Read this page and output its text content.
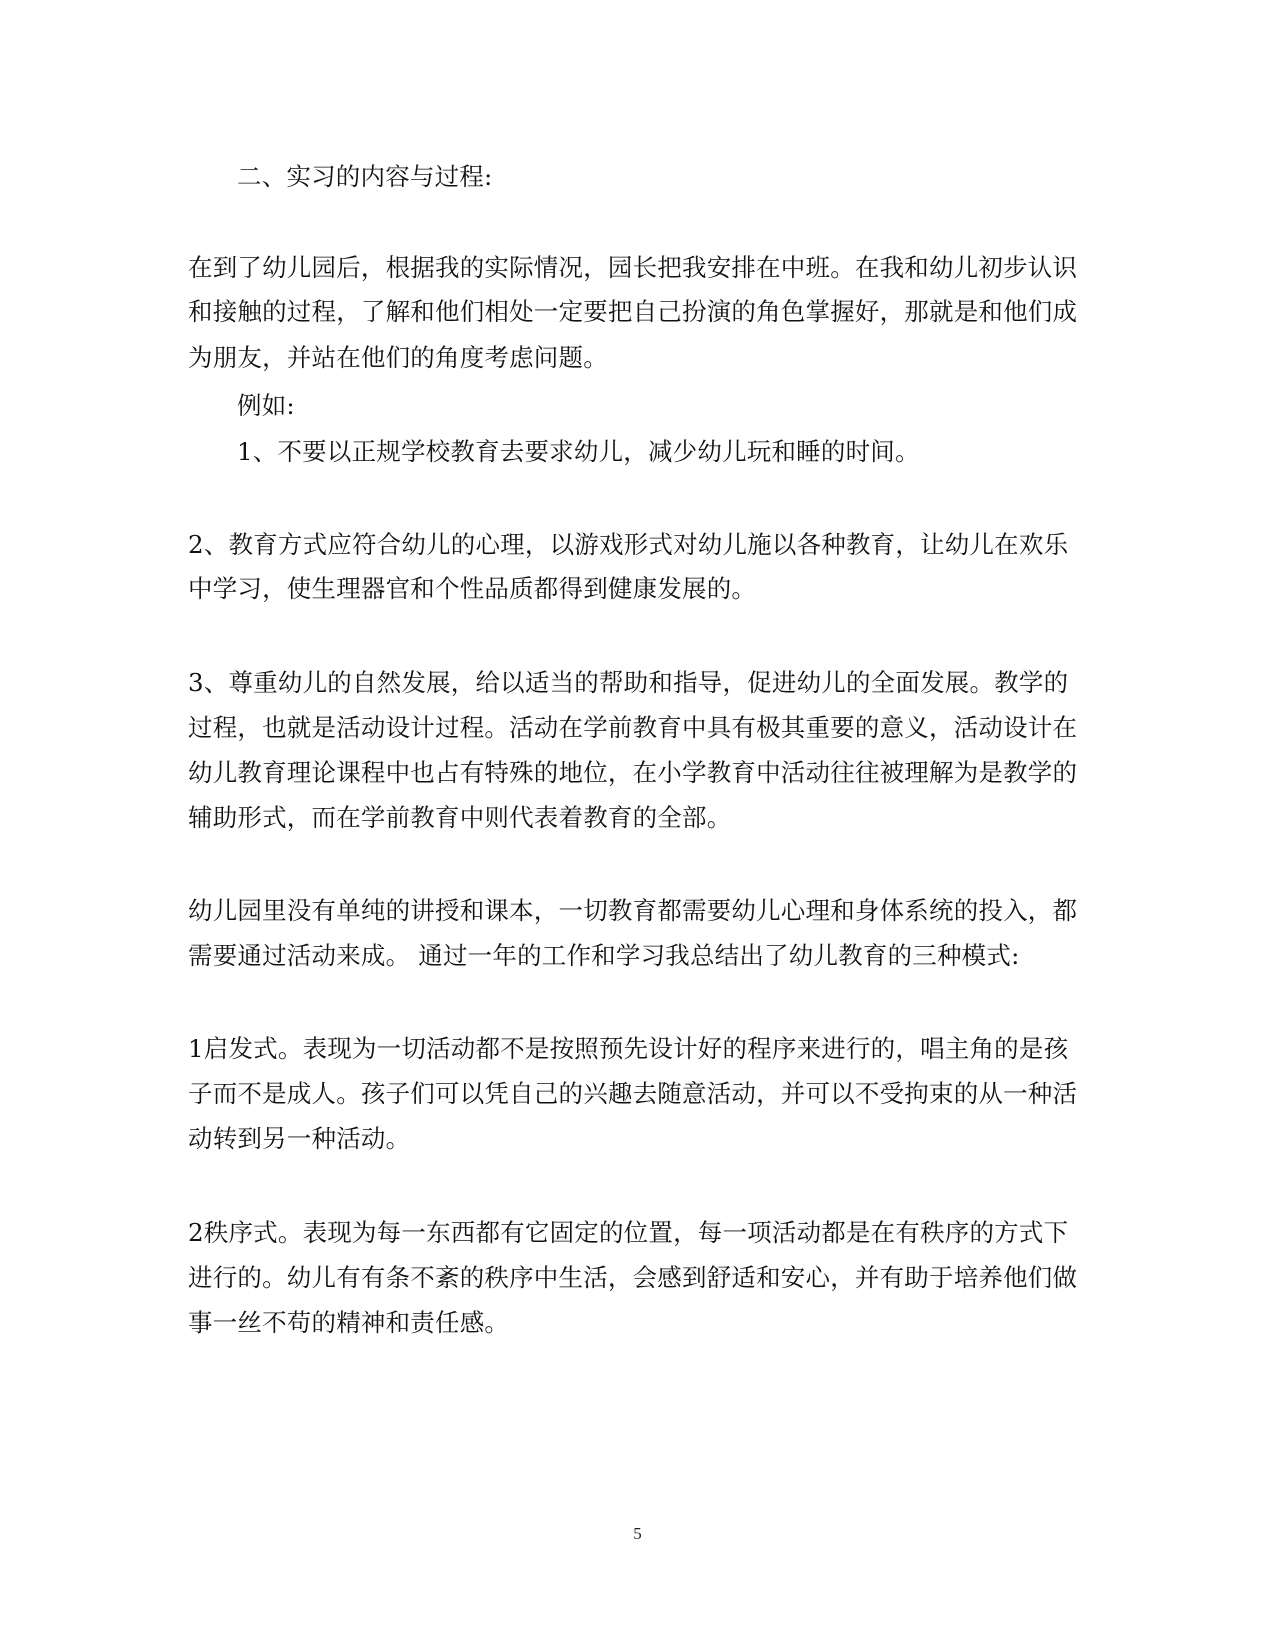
二、实习的内容与过程:
在到了幼儿园后，根据我的实际情况，园长把我安排在中班。在我和幼儿初步认识
和接触的过程，了解和他们相处一定要把自己扮演的角色掌握好，那就是和他们成
为朋友，并站在他们的角度考虑问题。
例如:
1、不要以正规学校教育去要求幼儿，减少幼儿玩和睡的时间。
2、教育方式应符合幼儿的心理，以游戏形式对幼儿施以各种教育，让幼儿在欢乐
中学习，使生理器官和个性品质都得到健康发展的。
3、尊重幼儿的自然发展，给以适当的帮助和指导，促进幼儿的全面发展。教学的
过程，也就是活动设计过程。活动在学前教育中具有极其重要的意义，活动设计在
幼儿教育理论课程中也占有特殊的地位，在小学教育中活动往往被理解为是教学的
辅助形式，而在学前教育中则代表着教育的全部。
幼儿园里没有单纯的讲授和课本，一切教育都需要幼儿心理和身体系统的投入，都
需要通过活动来成。 通过一年的工作和学习我总结出了幼儿教育的三种模式:
1启发式。表现为一切活动都不是按照预先设计好的程序来进行的，唱主角的是孩
子而不是成人。孩子们可以凭自己的兴趣去随意活动，并可以不受拘束的从一种活
动转到另一种活动。
2秩序式。表现为每一东西都有它固定的位置，每一项活动都是在有秩序的方式下
进行的。幼儿有有条不紊的秩序中生活，会感到舒适和安心，并有助于培养他们做
事一丝不苟的精神和责任感。
5
